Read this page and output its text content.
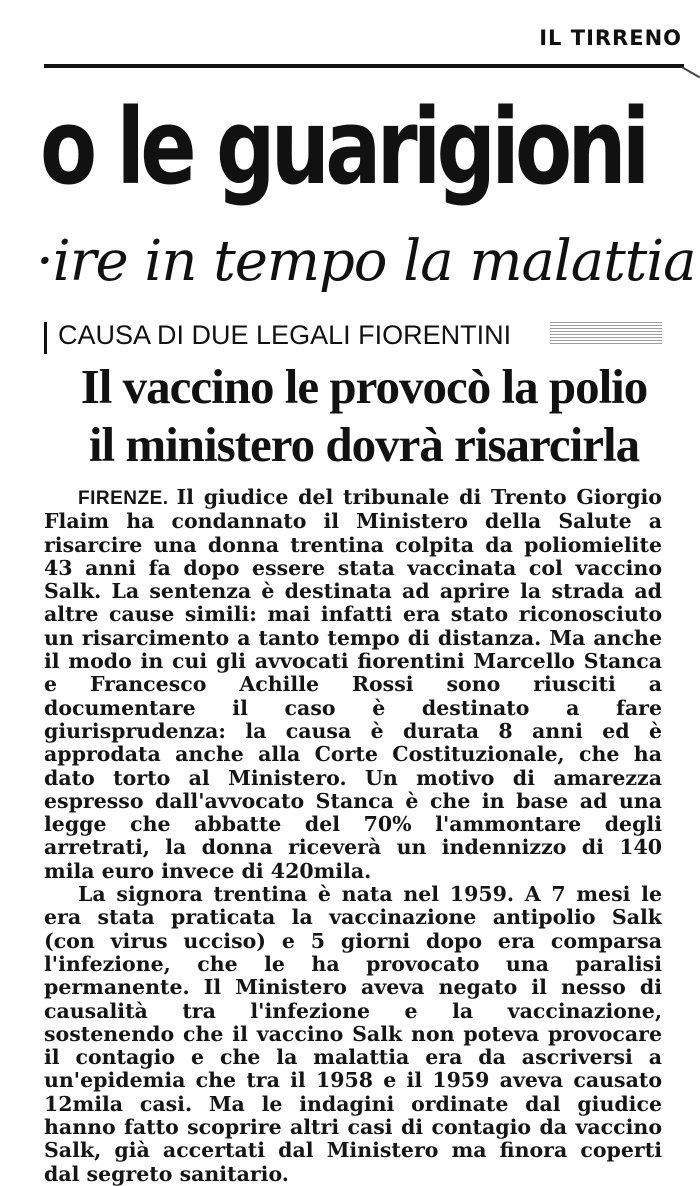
IL TIRRENO
o le guarigioni
·ire in tempo la malattia
CAUSA DI DUE LEGALI FIORENTINI
Il vaccino le provocò la polio
il ministero dovrà risarcirla

FIRENZE. Il giudice del tribunale di Trento Giorgio Flaim ha condannato il Ministero della Salute a risarcire una donna trentina colpita da poliomielite 43 anni fa dopo essere stata vaccinata col vaccino Salk. La sentenza è destinata ad aprire la strada ad altre cause simili: mai infatti era stato riconosciuto un risarcimento a tanto tempo di distanza. Ma anche il modo in cui gli avvocati fiorentini Marcello Stanca e Francesco Achille Rossi sono riusciti a documentare il caso è destinato a fare giurisprudenza: la causa è durata 8 anni ed è approdata anche alla Corte Costituzionale, che ha dato torto al Ministero. Un motivo di amarezza espresso dall'avvocato Stanca è che in base ad una legge che abbatte del 70% l'ammontare degli arretrati, la donna riceverà un indennizzo di 140 mila euro invece di 420mila.

La signora trentina è nata nel 1959. A 7 mesi le era stata praticata la vaccinazione antipolio Salk (con virus ucciso) e 5 giorni dopo era comparsa l'infezione, che le ha provocato una paralisi permanente. Il Ministero aveva negato il nesso di causalità tra l'infezione e la vaccinazione, sostenendo che il vaccino Salk non poteva provocare il contagio e che la malattia era da ascriversi a un'epidemia che tra il 1958 e il 1959 aveva causato 12mila casi. Ma le indagini ordinate dal giudice hanno fatto scoprire altri casi di contagio da vaccino Salk, già accertati dal Ministero ma finora coperti dal segreto sanitario.
